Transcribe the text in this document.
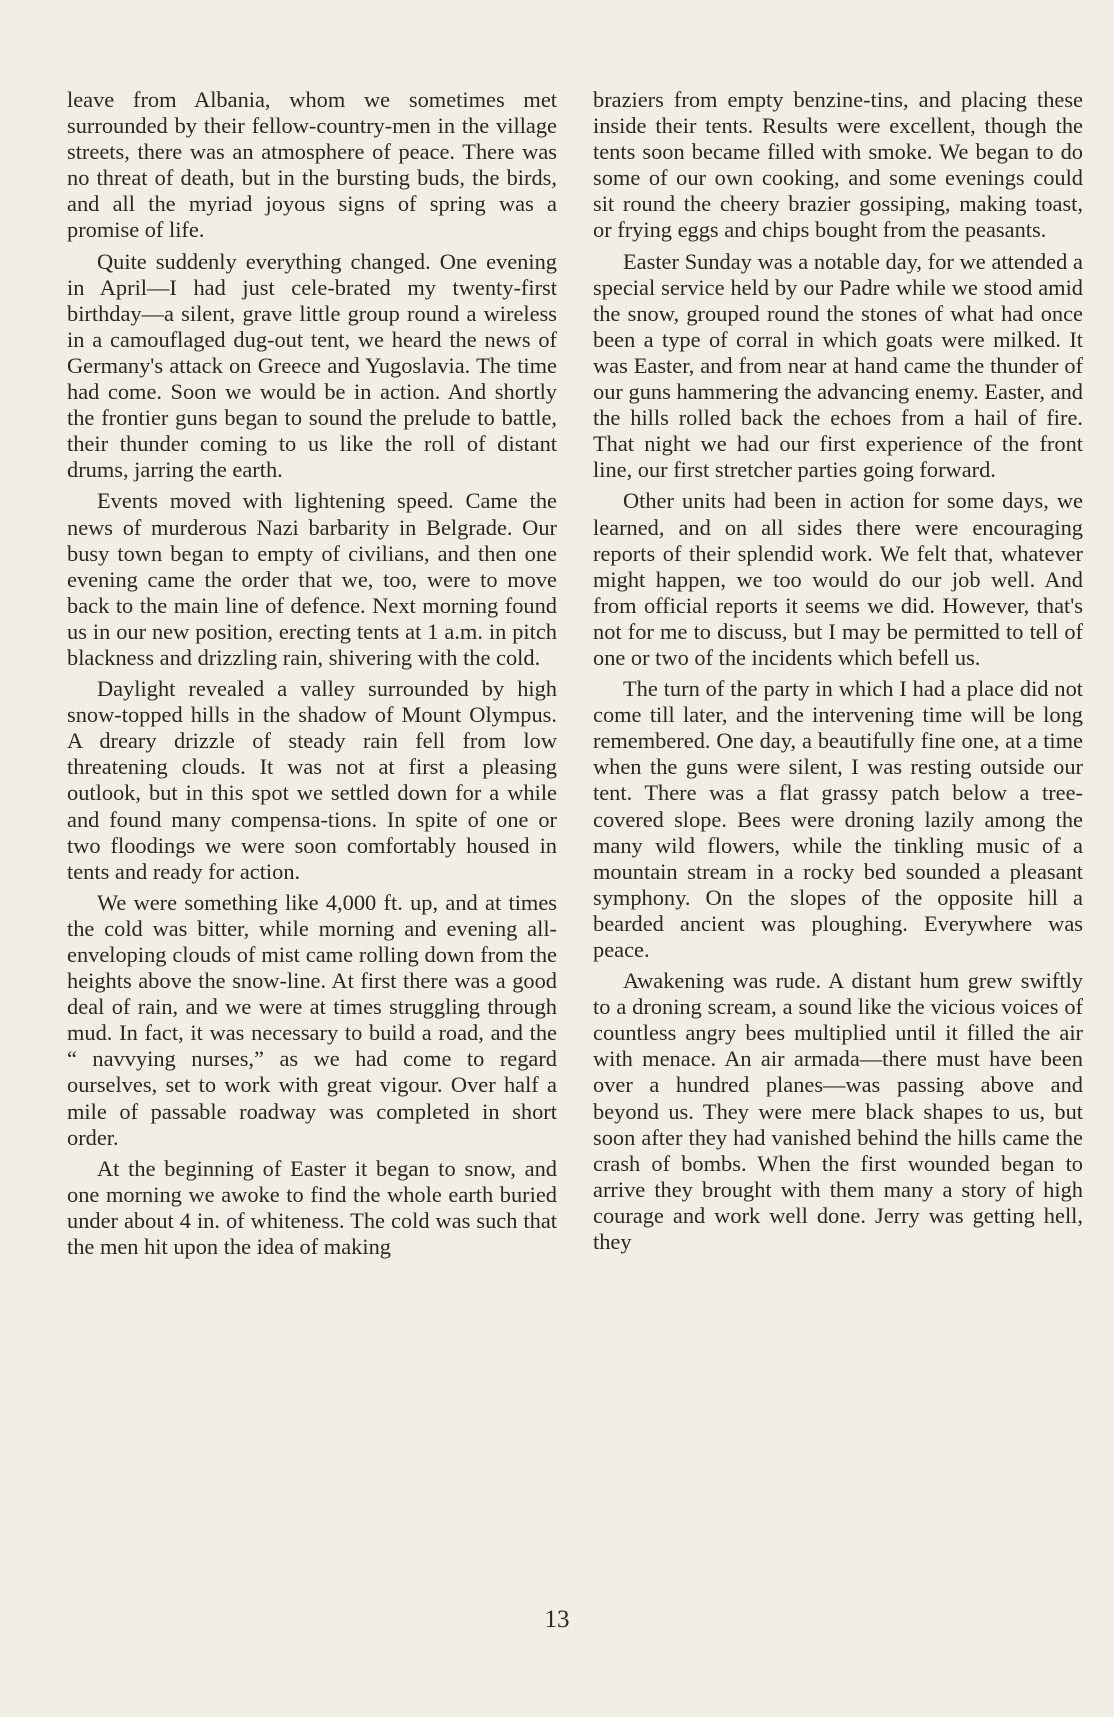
leave from Albania, whom we sometimes met surrounded by their fellow-country-men in the village streets, there was an atmosphere of peace. There was no threat of death, but in the bursting buds, the birds, and all the myriad joyous signs of spring was a promise of life.

Quite suddenly everything changed. One evening in April—I had just cele-brated my twenty-first birthday—a silent, grave little group round a wireless in a camouflaged dug-out tent, we heard the news of Germany's attack on Greece and Yugoslavia. The time had come. Soon we would be in action. And shortly the frontier guns began to sound the prelude to battle, their thunder coming to us like the roll of distant drums, jarring the earth.

Events moved with lightening speed. Came the news of murderous Nazi barbarity in Belgrade. Our busy town began to empty of civilians, and then one evening came the order that we, too, were to move back to the main line of defence. Next morning found us in our new position, erecting tents at 1 a.m. in pitch blackness and drizzling rain, shivering with the cold.

Daylight revealed a valley surrounded by high snow-topped hills in the shadow of Mount Olympus. A dreary drizzle of steady rain fell from low threatening clouds. It was not at first a pleasing outlook, but in this spot we settled down for a while and found many compensa-tions. In spite of one or two floodings we were soon comfortably housed in tents and ready for action.

We were something like 4,000 ft. up, and at times the cold was bitter, while morning and evening all-enveloping clouds of mist came rolling down from the heights above the snow-line. At first there was a good deal of rain, and we were at times struggling through mud. In fact, it was necessary to build a road, and the “ navvying nurses,” as we had come to regard ourselves, set to work with great vigour. Over half a mile of passable roadway was completed in short order.

At the beginning of Easter it began to snow, and one morning we awoke to find the whole earth buried under about 4 in. of whiteness. The cold was such that the men hit upon the idea of making

braziers from empty benzine-tins, and placing these inside their tents. Results were excellent, though the tents soon became filled with smoke. We began to do some of our own cooking, and some evenings could sit round the cheery brazier gossiping, making toast, or frying eggs and chips bought from the peasants.

Easter Sunday was a notable day, for we attended a special service held by our Padre while we stood amid the snow, grouped round the stones of what had once been a type of corral in which goats were milked. It was Easter, and from near at hand came the thunder of our guns hammering the advancing enemy. Easter, and the hills rolled back the echoes from a hail of fire. That night we had our first experience of the front line, our first stretcher parties going forward.

Other units had been in action for some days, we learned, and on all sides there were encouraging reports of their splendid work. We felt that, whatever might happen, we too would do our job well. And from official reports it seems we did. However, that's not for me to discuss, but I may be permitted to tell of one or two of the incidents which befell us.

The turn of the party in which I had a place did not come till later, and the intervening time will be long remembered. One day, a beautifully fine one, at a time when the guns were silent, I was resting outside our tent. There was a flat grassy patch below a tree-covered slope. Bees were droning lazily among the many wild flowers, while the tinkling music of a mountain stream in a rocky bed sounded a pleasant symphony. On the slopes of the opposite hill a bearded ancient was ploughing. Everywhere was peace.

Awakening was rude. A distant hum grew swiftly to a droning scream, a sound like the vicious voices of countless angry bees multiplied until it filled the air with menace. An air armada—there must have been over a hundred planes—was passing above and beyond us. They were mere black shapes to us, but soon after they had vanished behind the hills came the crash of bombs. When the first wounded began to arrive they brought with them many a story of high courage and work well done. Jerry was getting hell, they

13
